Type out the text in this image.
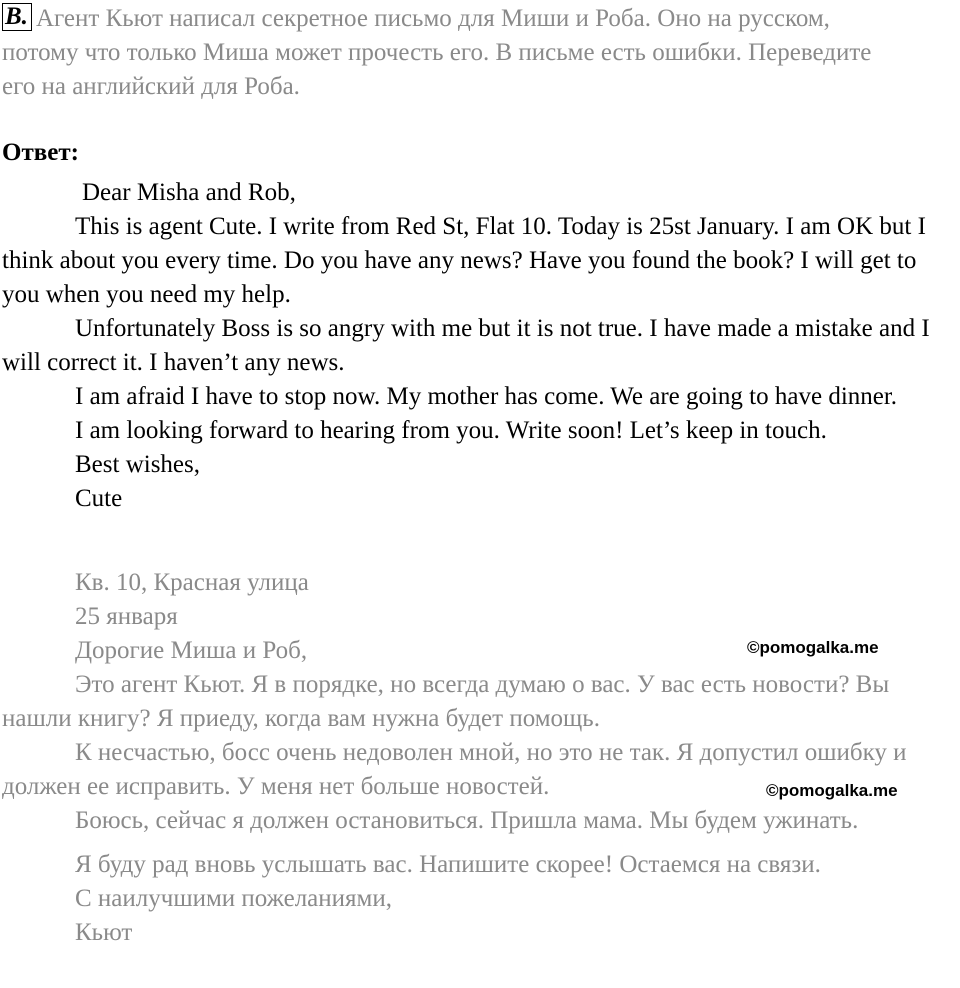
B. Агент Кьют написал секретное письмо для Миши и Роба. Оно на русском, потому что только Миша может прочесть его. В письме есть ошибки. Переведите его на английский для Роба.

Ответ:

Dear Misha and Rob,

This is agent Cute. I write from Red St, Flat 10. Today is 25st January. I am OK but I think about you every time. Do you have any news? Have you found the book? I will get to you when you need my help.

Unfortunately Boss is so angry with me but it is not true. I have made a mistake and I will correct it. I haven’t any news.

I am afraid I have to stop now. My mother has come. We are going to have dinner.

I am looking forward to hearing from you. Write soon! Let’s keep in touch.

Best wishes,

Cute

Кв. 10, Красная улица

25 января

Дорогие Миша и Роб,

Это агент Кьют. Я в порядке, но всегда думаю о вас. У вас есть новости? Вы нашли книгу? Я приеду, когда вам нужна будет помощь.

К несчастью, босс очень недоволен мной, но это не так. Я допустил ошибку и должен ее исправить. У меня нет больше новостей.

Боюсь, сейчас я должен остановиться. Пришла мама. Мы будем ужинать.

Я буду рад вновь услышать вас. Напишите скорее! Остаемся на связи.

С наилучшими пожеланиями,

Кьют

©pomogalka.me
©pomogalka.me
